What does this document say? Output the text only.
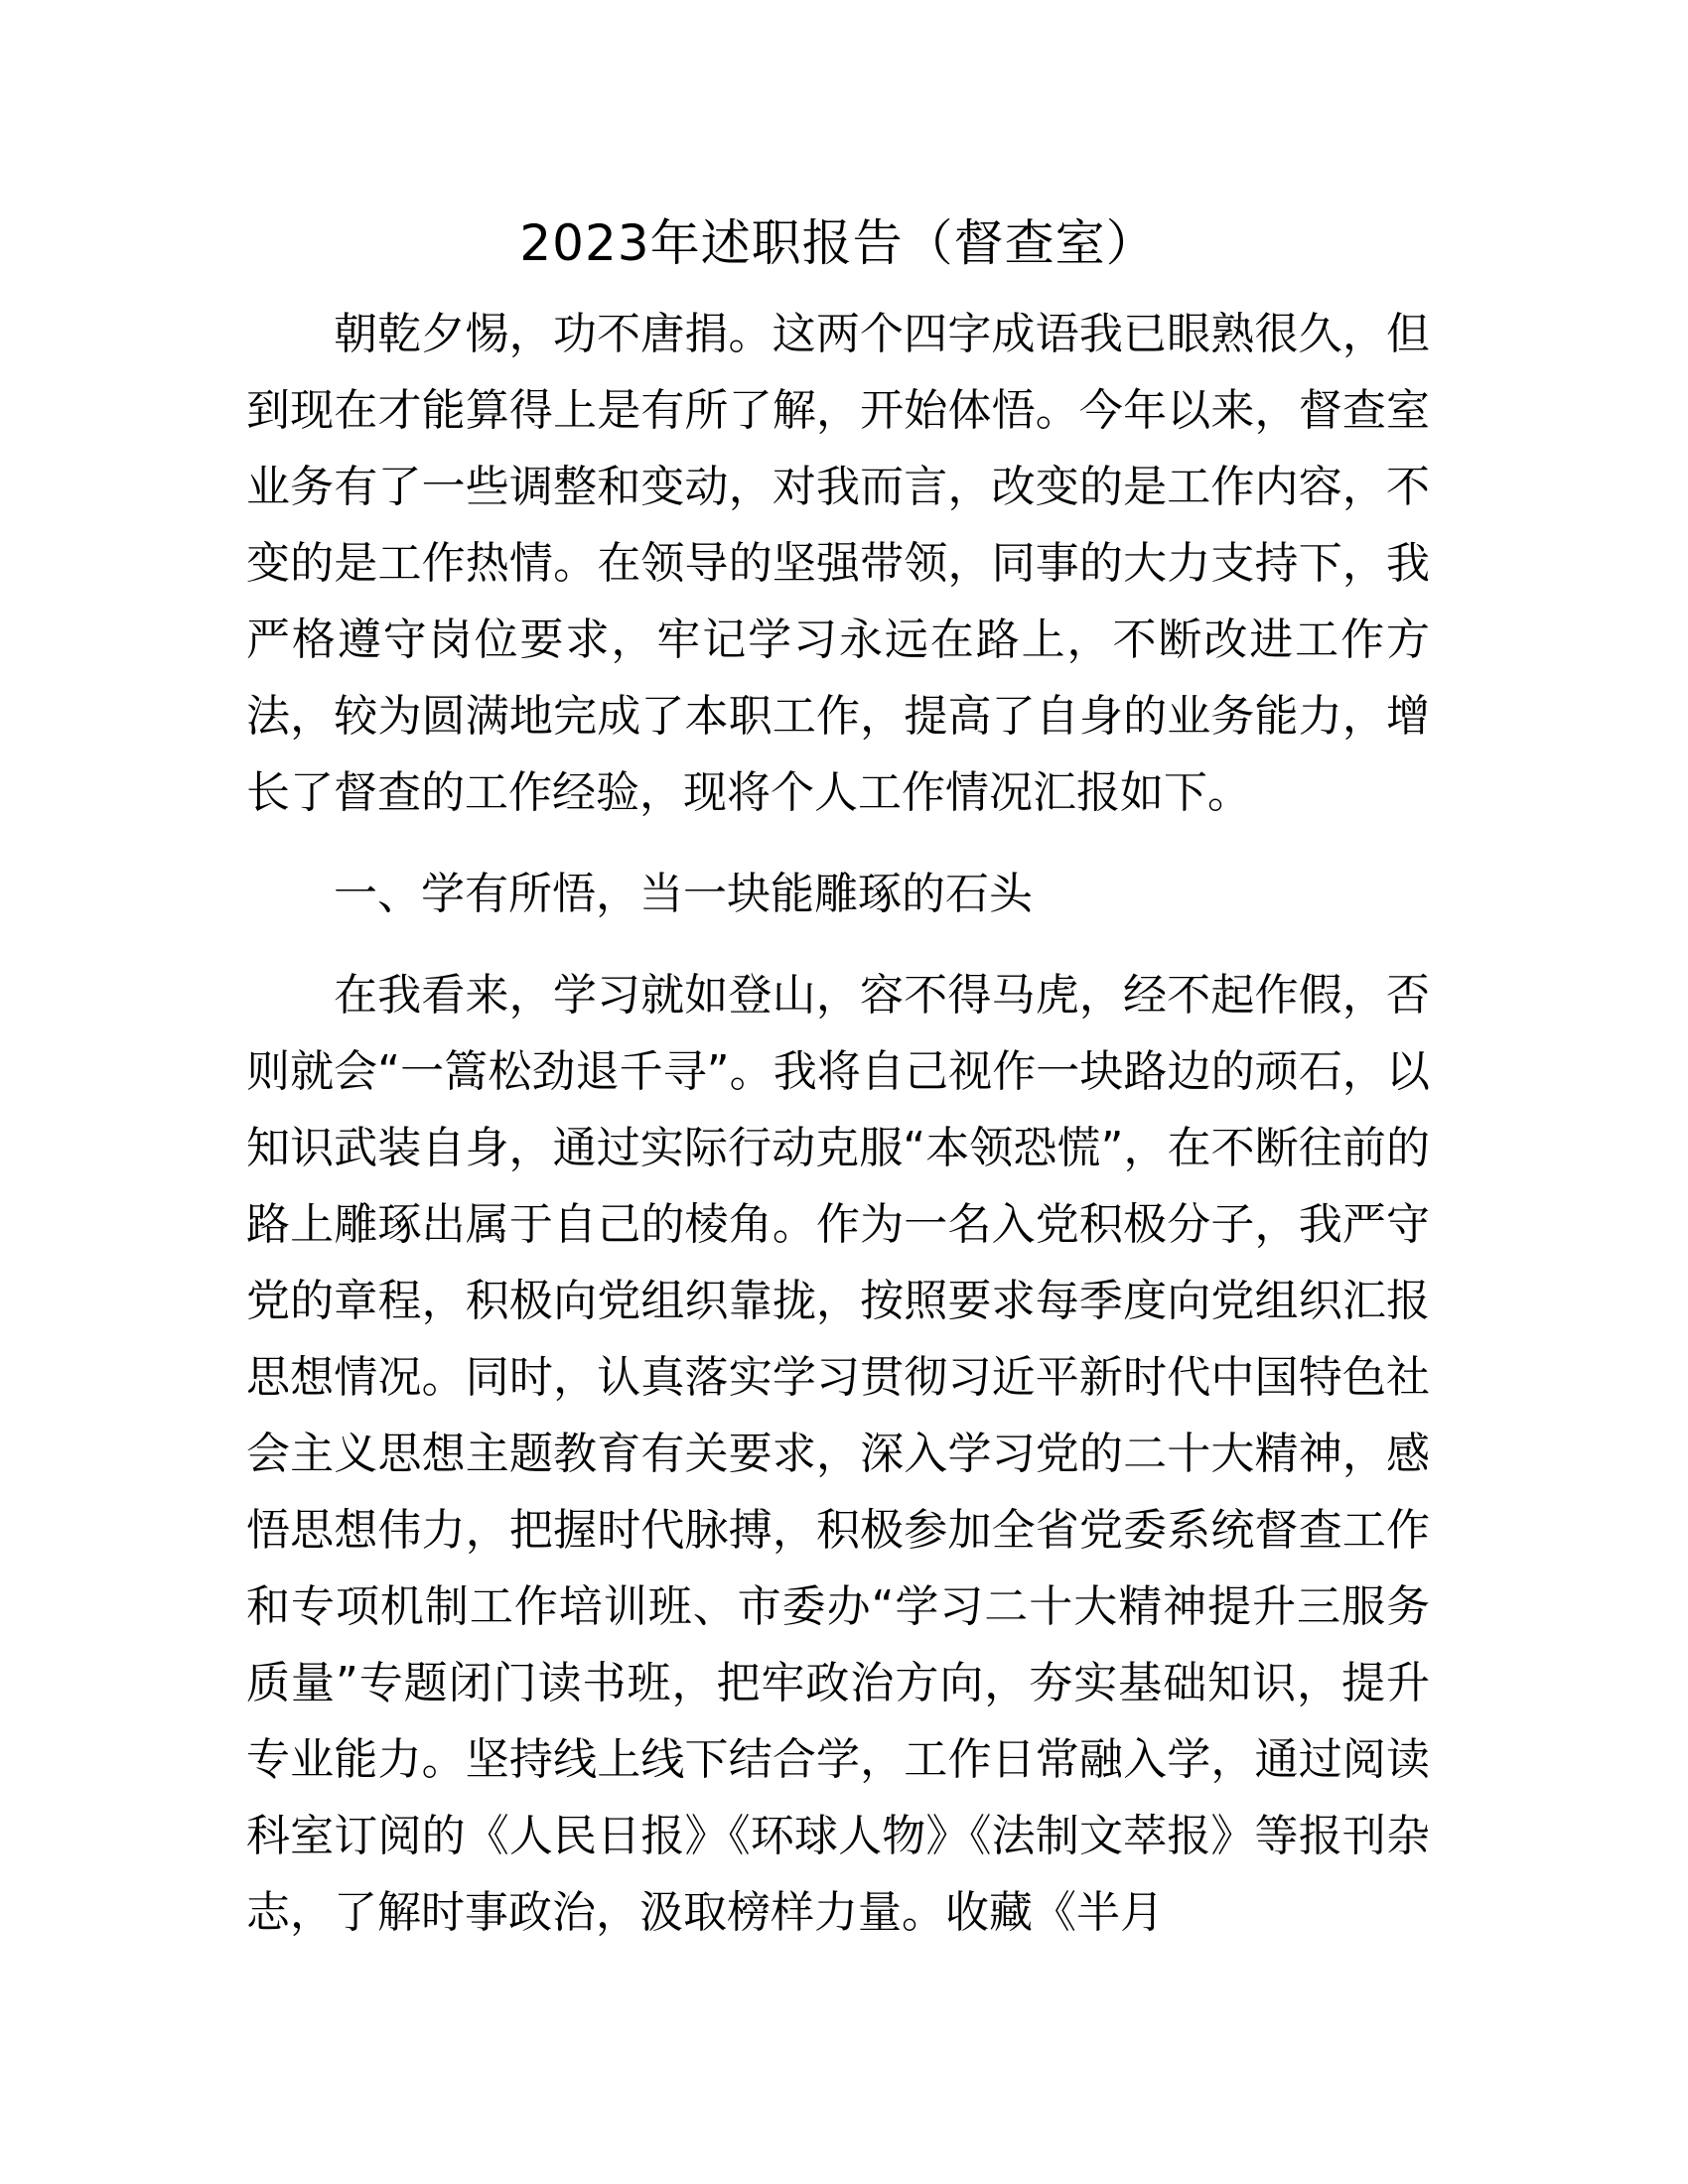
2023年述职报告（督查室）

朝乾夕惕，功不唐捐。这两个四字成语我已眼熟很久，但到现在才能算得上是有所了解，开始体悟。今年以来，督查室业务有了一些调整和变动，对我而言，改变的是工作内容，不变的是工作热情。在领导的坚强带领，同事的大力支持下，我严格遵守岗位要求，牢记学习永远在路上，不断改进工作方法，较为圆满地完成了本职工作，提高了自身的业务能力，增长了督查的工作经验，现将个人工作情况汇报如下。

一、学有所悟，当一块能雕琢的石头

在我看来，学习就如登山，容不得马虎，经不起作假，否则就会“一篙松劲退千寻”。我将自己视作一块路边的顽石，以知识武装自身，通过实际行动克服“本领恐慌”，在不断往前的路上雕琢出属于自己的棱角。作为一名入党积极分子，我严守党的章程，积极向党组织靠拢，按照要求每季度向党组织汇报思想情况。同时，认真落实学习贯彻习近平新时代中国特色社会主义思想主题教育有关要求，深入学习党的二十大精神，感悟思想伟力，把握时代脉搏，积极参加全省党委系统督查工作和专项机制工作培训班、市委办“学习二十大精神提升三服务质量”专题闭门读书班，把牢政治方向，夯实基础知识，提升专业能力。坚持线上线下结合学，工作日常融入学，通过阅读科室订阅的《人民日报》《环球人物》《法制文萃报》等报刊杂志，了解时事政治，汲取榜样力量。收藏《半月
